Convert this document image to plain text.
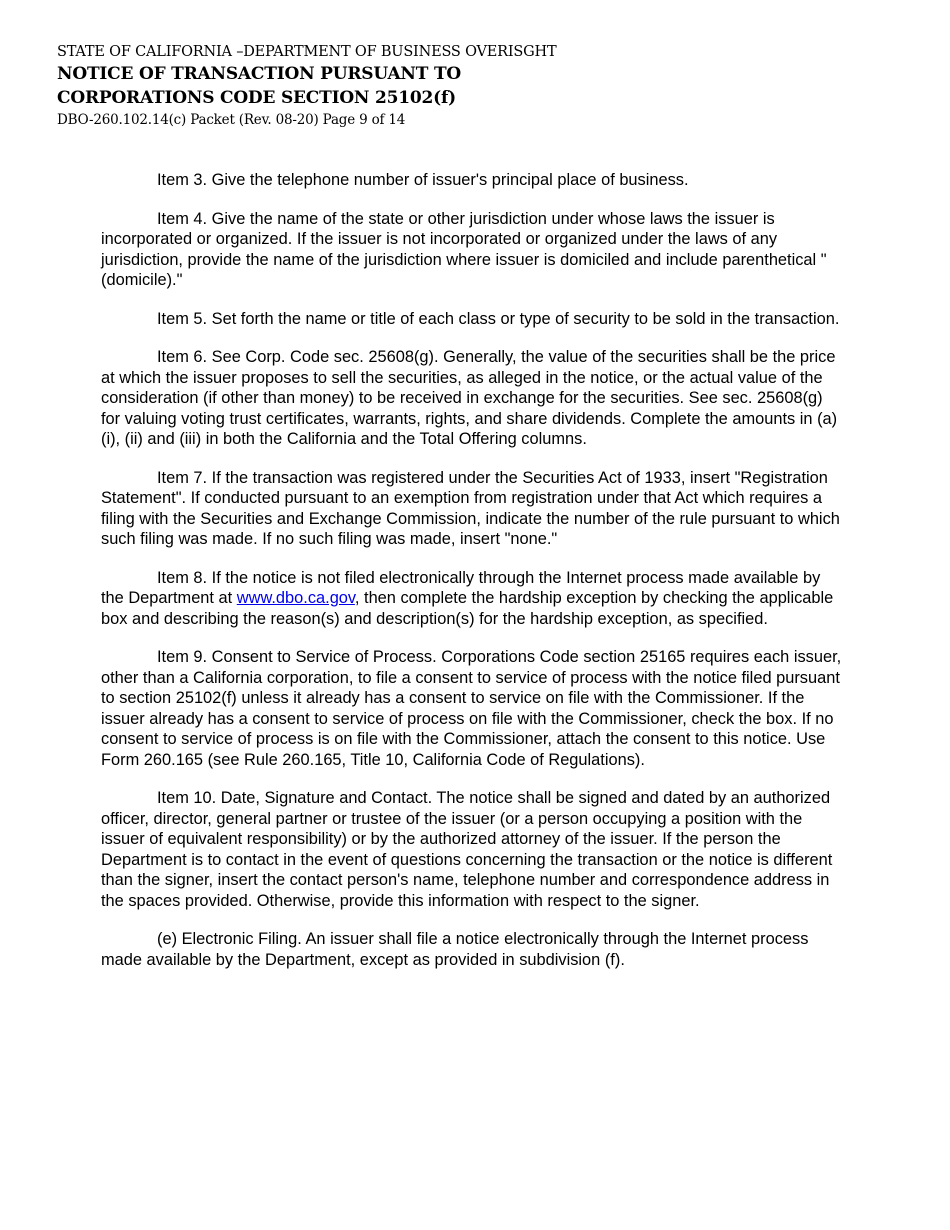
STATE OF CALIFORNIA –DEPARTMENT OF BUSINESS OVERISGHT
NOTICE OF TRANSACTION PURSUANT TO
CORPORATIONS CODE SECTION 25102(f)
DBO-260.102.14(c) Packet (Rev. 08-20) Page 9 of 14

Item 3. Give the telephone number of issuer's principal place of business.

Item 4. Give the name of the state or other jurisdiction under whose laws the issuer is incorporated or organized. If the issuer is not incorporated or organized under the laws of any jurisdiction, provide the name of the jurisdiction where issuer is domiciled and include parenthetical "(domicile)."

Item 5. Set forth the name or title of each class or type of security to be sold in the transaction.

Item 6. See Corp. Code sec. 25608(g). Generally, the value of the securities shall be the price at which the issuer proposes to sell the securities, as alleged in the notice, or the actual value of the consideration (if other than money) to be received in exchange for the securities. See sec. 25608(g) for valuing voting trust certificates, warrants, rights, and share dividends. Complete the amounts in (a)(i), (ii) and (iii) in both the California and the Total Offering columns.

Item 7. If the transaction was registered under the Securities Act of 1933, insert "Registration Statement". If conducted pursuant to an exemption from registration under that Act which requires a filing with the Securities and Exchange Commission, indicate the number of the rule pursuant to which such filing was made. If no such filing was made, insert "none."

Item 8. If the notice is not filed electronically through the Internet process made available by the Department at www.dbo.ca.gov, then complete the hardship exception by checking the applicable box and describing the reason(s) and description(s) for the hardship exception, as specified.

Item 9. Consent to Service of Process. Corporations Code section 25165 requires each issuer, other than a California corporation, to file a consent to service of process with the notice filed pursuant to section 25102(f) unless it already has a consent to service on file with the Commissioner. If the issuer already has a consent to service of process on file with the Commissioner, check the box. If no consent to service of process is on file with the Commissioner, attach the consent to this notice. Use Form 260.165 (see Rule 260.165, Title 10, California Code of Regulations).

Item 10. Date, Signature and Contact. The notice shall be signed and dated by an authorized officer, director, general partner or trustee of the issuer (or a person occupying a position with the issuer of equivalent responsibility) or by the authorized attorney of the issuer. If the person the Department is to contact in the event of questions concerning the transaction or the notice is different than the signer, insert the contact person's name, telephone number and correspondence address in the spaces provided. Otherwise, provide this information with respect to the signer.

(e) Electronic Filing. An issuer shall file a notice electronically through the Internet process made available by the Department, except as provided in subdivision (f).
